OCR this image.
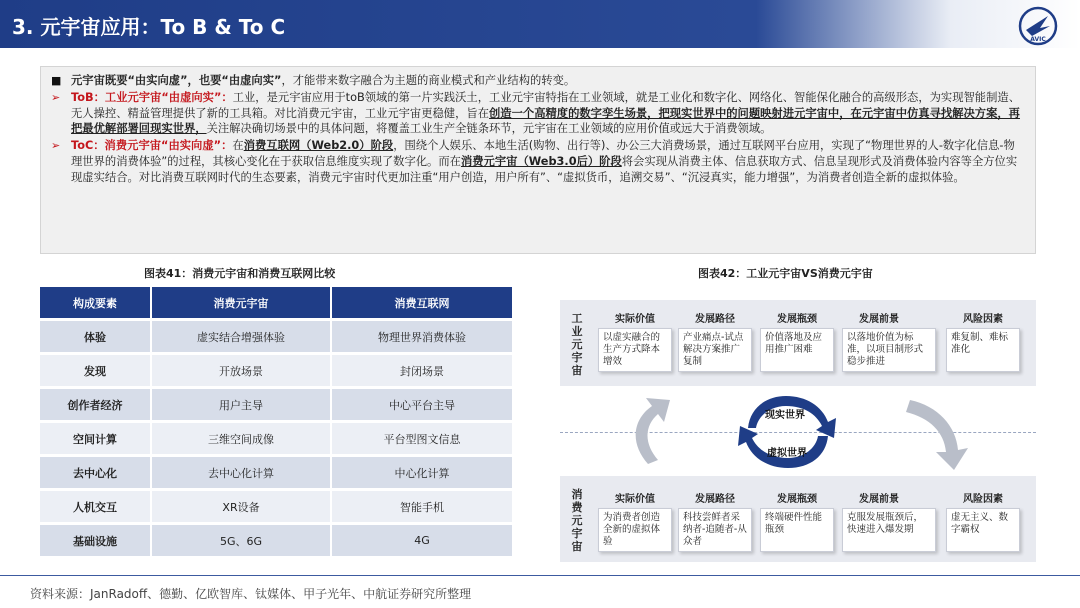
3. 元宇宙应用：To B & To C
AVIC
■ 元宇宙既要“由实向虚”，也要“由虚向实”，才能带来数字融合为主题的商业模式和产业结构的转变。
➢ ToB：工业元宇宙“由虚向实”：工业，是元宇宙应用于toB领域的第一片实践沃土，工业元宇宙特指在工业领域，就是工业化和数字化、网络化、智能保化融合的高级形态，为实现智能制造、无人操控、精益管理提供了新的工具箱。对比消费元宇宙，工业元宇宙更稳健，旨在创造一个高精度的数字孪生场景，把现实世界中的问题映射进元宇宙中，在元宇宙中仿真寻找解决方案，再把最优解部署回现实世界，关注解决确切场景中的具体问题，将覆盖工业生产全链条环节，元宇宙在工业领域的应用价值或远大于消费领域。
➢ ToC：消费元宇宙“由实向虚”：在消费互联网（Web2.0）阶段，围绕个人娱乐、本地生活(购物、出行等)、办公三大消费场景，通过互联网平台应用，实现了“物理世界的人-数字化信息-物理世界的消费体验”的过程，其核心变化在于获取信息维度实现了数字化。而在消费元宇宙（Web3.0后）阶段将会实现从消费主体、信息获取方式、信息呈现形式及消费体验内容等全方位实现虚实结合。对比消费互联网时代的生态要素，消费元宇宙时代更加注重“用户创造，用户所有”、“虚拟货币，追溯交易”、“沉浸真实，能力增强”，为消费者创造全新的虚拟体验。
图表41：消费元宇宙和消费互联网比较
构成要素	消费元宇宙	消费互联网
体验	虚实结合增强体验	物理世界消费体验
发现	开放场景	封闭场景
创作者经济	用户主导	中心平台主导
空间计算	三维空间成像	平台型图文信息
去中心化	去中心化计算	中心化计算
人机交互	XR设备	智能手机
基础设施	5G、6G	4G
图表42：工业元宇宙VS消费元宇宙
工业元宇宙
消费元宇宙
实际价值	发展路径	发展瓶颈	发展前景	风险因素
以虚实融合的生产方式降本增效
产业痛点-试点解决方案推广复制
价值落地及应用推广困难
以落地价值为标准，以项目制形式稳步推进
难复制、难标准化
实际价值	发展路径	发展瓶颈	发展前景	风险因素
为消费者创造全新的虚拟体验
科技尝鲜者采纳者-追随者-从众者
终端硬件性能瓶颈
克服发展瓶颈后，快速进入爆发期
虚无主义、数字霸权
现实世界
虚拟世界
资料来源：JanRadoff、德勤、亿欧智库、钛媒体、甲子光年、中航证券研究所整理
